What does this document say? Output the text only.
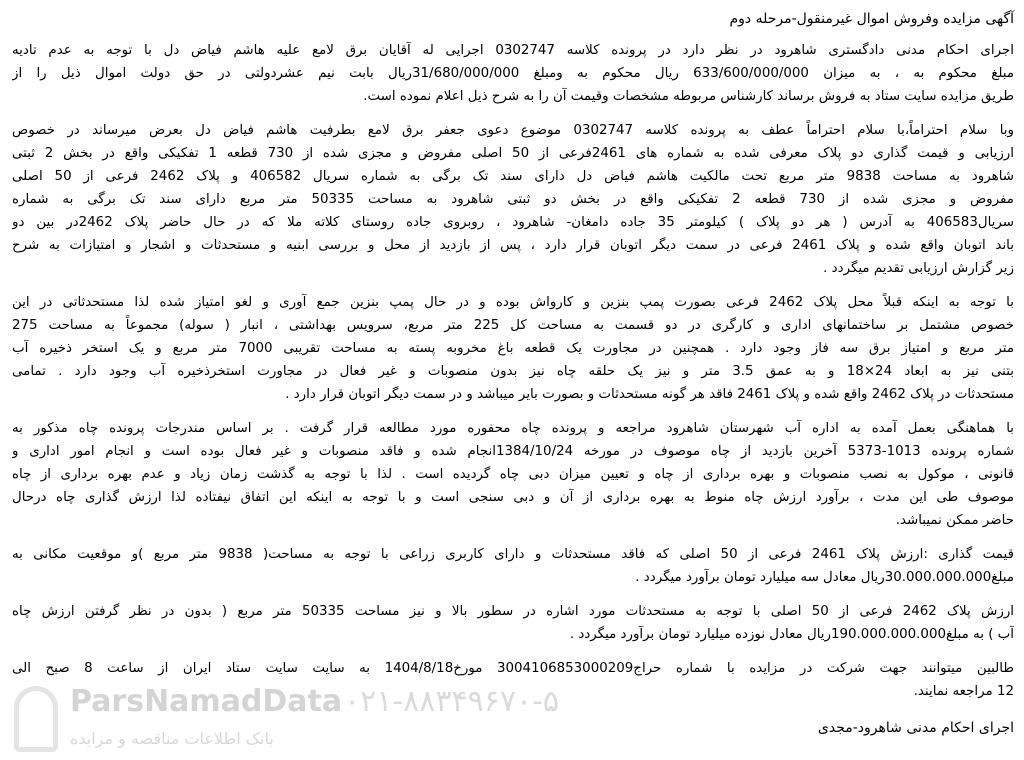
ParsNamadData
بانک اطلاعات مناقصه و مزایده
۰۲۱-۸۸۳۴۹۶۷۰-۵
آگهی مزایده وفروش اموال غیرمنقول-مرحله دوم
اجرای احکام مدنی دادگستری شاهرود در نظر دارد در پرونده کلاسه 0302747 اجرایی له آقایان برق لامع علیه هاشم فیاض دل با توجه به عدم تادیه
مبلغ محکوم به ، به میزان 633/600/000/000 ریال محکوم به ومبلغ 31/680/000/000ریال بابت نیم عشردولتی در حق دولت اموال ذیل را از
طریق مزایده سایت ستاد به فروش برساند کارشناس مربوطه مشخصات وقیمت آن را به شرح ذیل اعلام نموده است.
وبا سلام احتراماً،با سلام احتراماً عطف به پرونده کلاسه 0302747 موضوع دعوی جعفر برق لامع بطرفیت هاشم فیاض دل بعرض میرساند در خصوص
ارزیابی و قیمت گذاری دو پلاک معرفی شده به شماره های 2461فرعی از 50 اصلی مفروض و مجزی شده از 730 قطعه 1 تفکیکی واقع در بخش 2 ثبتی
شاهرود به مساحت 9838 متر مربع تحت مالکیت هاشم فیاض دل دارای سند تک برگی به شماره سریال 406582 و پلاک 2462 فرعی از 50 اصلی
مفروض و مجزی شده از 730 قطعه 2 تفکیکی واقع در بخش دو ثبتی شاهرود به مساحت 50335 متر مربع دارای سند تک برگی به شماره
سریال406583 به آدرس ( هر دو پلاک ) کیلومتر 35 جاده دامغان- شاهرود ، روبروی جاده روستای کلاته ملا که در حال حاضر پلاک 2462در بین دو
باند اتوبان واقع شده و پلاک 2461 فرعی در سمت دیگر اتوبان قرار دارد ، پس از بازدید از محل و بررسی ابنیه و مستحدثات و اشجار و امتیازات به شرح
زیر گزارش ارزیابی تقدیم میگردد .
با توجه به اینکه قبلاً محل پلاک 2462 فرعی بصورت پمپ بنزین و کارواش بوده و در حال پمپ بنزین جمع آوری و لغو امتیاز شده لذا مستحدثاتی در این
خصوص مشتمل بر ساختمانهای اداری و کارگری در دو قسمت به مساحت کل 225 متر مربع، سرویس بهداشتی ، انبار ( سوله) مجموعاً به مساحت 275
متر مربع و امتیاز برق سه فاز وجود دارد . همچنین در مجاورت یک قطعه باغ مخروبه پسته به مساحت تقریبی 7000 متر مربع و یک استخر ذخیره آب
بتنی نیز به ابعاد 24×18 و به عمق 3.5 متر و نیز یک حلقه چاه نیز بدون منصوبات و غیر فعال در مجاورت استخرذخیره آب وجود دارد . تمامی
مستحدثات در پلاک 2462 واقع شده و پلاک 2461 فاقد هر گونه مستحدثات و بصورت بایر میباشد و در سمت دیگر اتوبان قرار دارد .
با هماهنگی بعمل آمده به اداره آب شهرستان شاهرود مراجعه و پرونده چاه محفوره مورد مطالعه قرار گرفت . بر اساس مندرجات پرونده چاه مذکور به
شماره پرونده 1013-5373 آخرین بازدید از چاه موصوف در مورخه 1384/10/24انجام شده و فاقد منصوبات و غیر فعال بوده است و انجام امور اداری و
قانونی ، موکول به نصب منصوبات و بهره برداری از چاه و تعیین میزان دبی چاه گردیده است . لذا با توجه به گذشت زمان زیاد و عدم بهره برداری از چاه
موصوف طی این مدت ، برآورد ارزش چاه منوط به بهره برداری از آن و دبی سنجی است و با توجه به اینکه این اتفاق نیفتاده لذا ارزش گذاری چاه درحال
حاضر ممکن نمیباشد.
قیمت گذاری :ارزش پلاک 2461 فرعی از 50 اصلی که فاقد مستحدثات و دارای کاربری زراعی با توجه به مساحت( 9838 متر مربع )و موقعیت مکانی به
مبلغ30.000.000.000ریال معادل سه میلیارد تومان برآورد میگردد .
ارزش پلاک 2462 فرعی از 50 اصلی با توجه به مستحدثات مورد اشاره در سطور بالا و نیز مساحت 50335 متر مربع ( بدون در نظر گرفتن ارزش چاه
آب ) به مبلغ190.000.000.000ریال معادل نوزده میلیارد تومان برآورد میگردد .
طالبین میتوانند جهت شرکت در مزایده با شماره حراج3004106853000209 مورخ1404/8/18 به سایت سایت ستاد ایران از ساعت 8 صبح الی
12 مراجعه نمایند.
اجرای احکام مدنی شاهرود-مجدی
